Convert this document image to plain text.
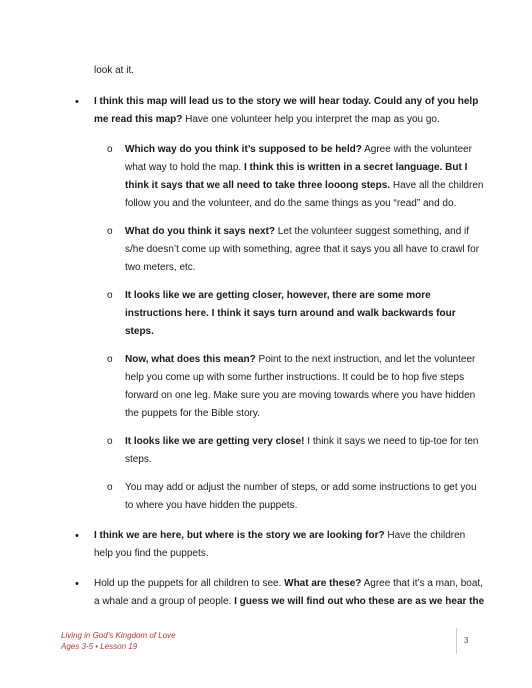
look at it.
• I think this map will lead us to the story we will hear today. Could any of you help
me read this map? Have one volunteer help you interpret the map as you go.
o Which way do you think it’s supposed to be held? Agree with the volunteer
what way to hold the map. I think this is written in a secret language. But I
think it says that we all need to take three looong steps. Have all the children
follow you and the volunteer, and do the same things as you “read” and do.
o What do you think it says next? Let the volunteer suggest something, and if
s/he doesn’t come up with something, agree that it says you all have to crawl for
two meters, etc.
o It looks like we are getting closer, however, there are some more
instructions here. I think it says turn around and walk backwards four
steps.
o Now, what does this mean? Point to the next instruction, and let the volunteer
help you come up with some further instructions. It could be to hop five steps
forward on one leg. Make sure you are moving towards where you have hidden
the puppets for the Bible story.
o It looks like we are getting very close! I think it says we need to tip-toe for ten
steps.
o You may add or adjust the number of steps, or add some instructions to get you
to where you have hidden the puppets.
• I think we are here, but where is the story we are looking for? Have the children
help you find the puppets.
• Hold up the puppets for all children to see. What are these? Agree that it’s a man, boat,
a whale and a group of people. I guess we will find out who these are as we hear the
Living in God’s Kingdom of Love
Ages 3-5 • Lesson 19
3
